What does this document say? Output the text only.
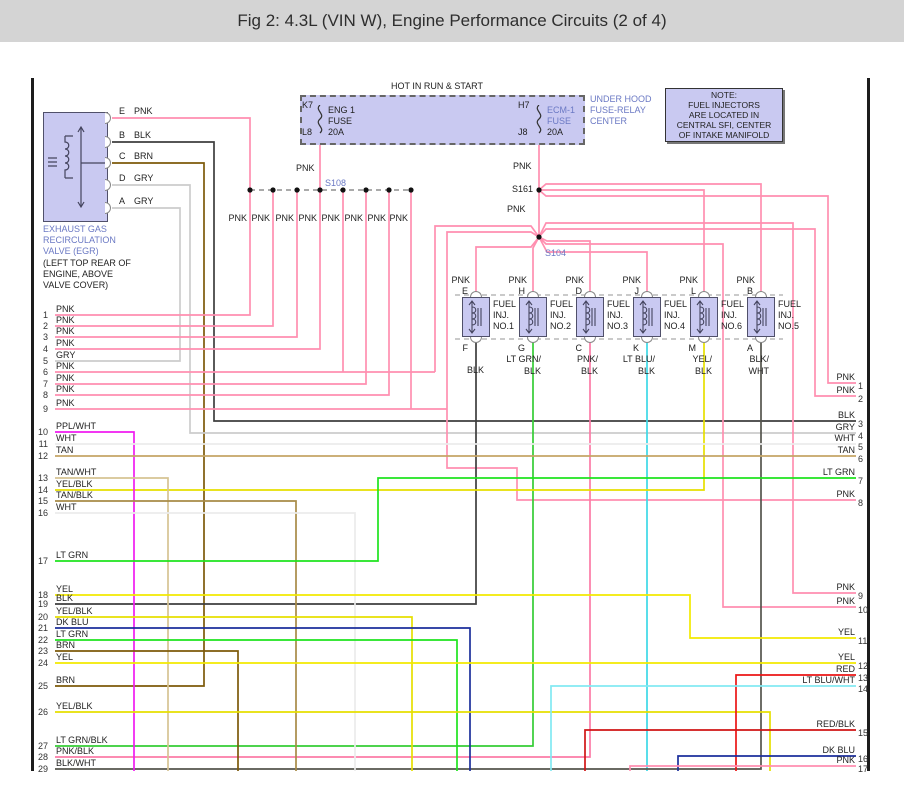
Fig 2: 4.3L (VIN W), Engine Performance Circuits (2 of 4)
EXHAUST GAS
RECIRCULATION
VALVE (EGR)
(LEFT TOP REAR OF
ENGINE, ABOVE
VALVE COVER)
HOT IN RUN & START
UNDER HOOD
FUSE-RELAY
CENTER
K7 ENG 1
FUSE
L8 20A
H7 ECM-1
FUSE
J8 20A
NOTE:
FUEL INJECTORS
ARE LOCATED IN
CENTRAL SFI, CENTER
OF INTAKE MANIFOLD
S108
S161
S104
PNK
1 PNK
2 PNK
3
PNK
4
GRY
5 PNK
6
PNK
7 PNK
8
PNK
9
PPL/WHT
10
WHT
11
TAN
12
TAN/WHT
13
YEL/BLK
14 TAN/BLK
15
WHT
16
LT GRN
17
YEL
18 BLK
19
YEL/BLK
20 DK BLU
21
LT GRN
22 BRN
23
YEL
24
BRN
25
YEL/BLK
26
LT GRN/BLK
27 PNK/BLK
28
BLK/WHT
29
PNK
1
PNK
2
BLK
3
GRY
4
WHT
5
TAN
6
LT GRN
7
PNK
8
PNK
9
PNK
10
YEL
11
YEL
12
RED
13
LT BLU/WHT
14
RED/BLK
15
DK BLU
16
PNK
17
PNK PNK PNK PNK PNK PNK PNK PNK
PNK	PNK
PNK
E PNK
B BLK
C BRN
D GRY
A GRY
FUEL
INJ.
NO.1
PNK
E
F
BLK
FUEL
INJ.
NO.2
PNK
H
G
LT GRN/
BLK
FUEL
INJ.
NO.3
PNK
D
C
PNK/
BLK
FUEL
INJ.
NO.4
PNK
J
K
LT BLU/
BLK
FUEL
INJ.
NO.6
PNK
L
M
YEL/
BLK
FUEL
INJ.
NO.5
PNK
B
A
BLK/
WHT
